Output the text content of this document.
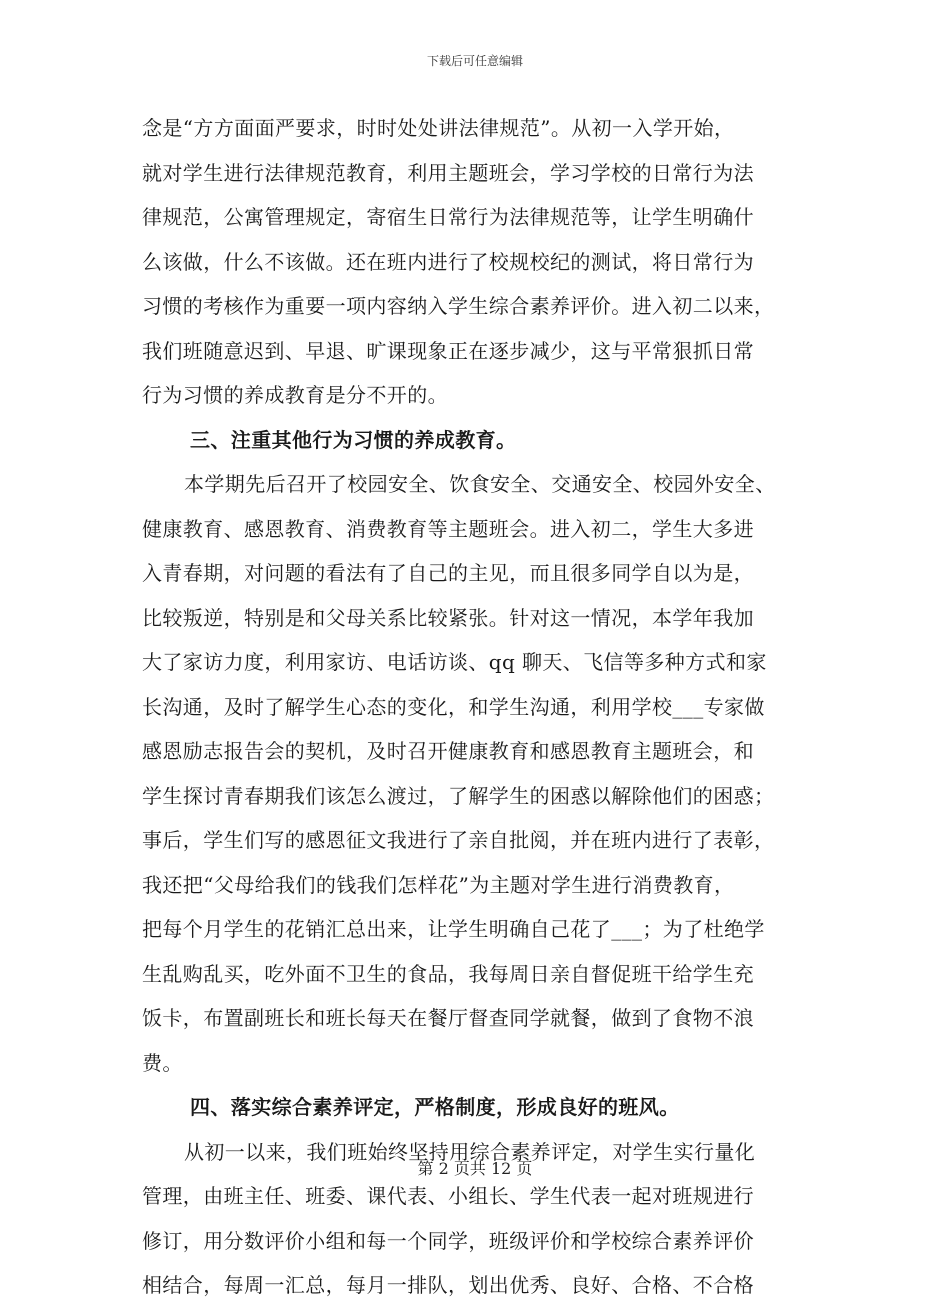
下载后可任意编辑
念是“方方面面严要求，时时处处讲法律规范”。从初一入学开始，
就对学生进行法律规范教育，利用主题班会，学习学校的日常行为法
律规范，公寓管理规定，寄宿生日常行为法律规范等，让学生明确什
么该做，什么不该做。还在班内进行了校规校纪的测试，将日常行为
习惯的考核作为重要一项内容纳入学生综合素养评价。进入初二以来，
我们班随意迟到、早退、旷课现象正在逐步减少，这与平常狠抓日常
行为习惯的养成教育是分不开的。
三、注重其他行为习惯的养成教育。
本学期先后召开了校园安全、饮食安全、交通安全、校园外安全、
健康教育、感恩教育、消费教育等主题班会。进入初二，学生大多进
入青春期，对问题的看法有了自己的主见，而且很多同学自以为是，
比较叛逆，特别是和父母关系比较紧张。针对这一情况，本学年我加
大了家访力度，利用家访、电话访谈、qq 聊天、飞信等多种方式和家
长沟通，及时了解学生心态的变化，和学生沟通，利用学校___专家做
感恩励志报告会的契机，及时召开健康教育和感恩教育主题班会，和
学生探讨青春期我们该怎么渡过，了解学生的困惑以解除他们的困惑；
事后，学生们写的感恩征文我进行了亲自批阅，并在班内进行了表彰，
我还把“父母给我们的钱我们怎样花”为主题对学生进行消费教育，
把每个月学生的花销汇总出来，让学生明确自己花了___；为了杜绝学
生乱购乱买，吃外面不卫生的食品，我每周日亲自督促班干给学生充
饭卡，布置副班长和班长每天在餐厅督查同学就餐，做到了食物不浪
费。
四、落实综合素养评定，严格制度，形成良好的班风。
从初一以来，我们班始终坚持用综合素养评定，对学生实行量化
管理，由班主任、班委、课代表、小组长、学生代表一起对班规进行
修订，用分数评价小组和每一个同学，班级评价和学校综合素养评价
相结合，每周一汇总，每月一排队，划出优秀、良好、合格、不合格
第 2 页共 12 页
